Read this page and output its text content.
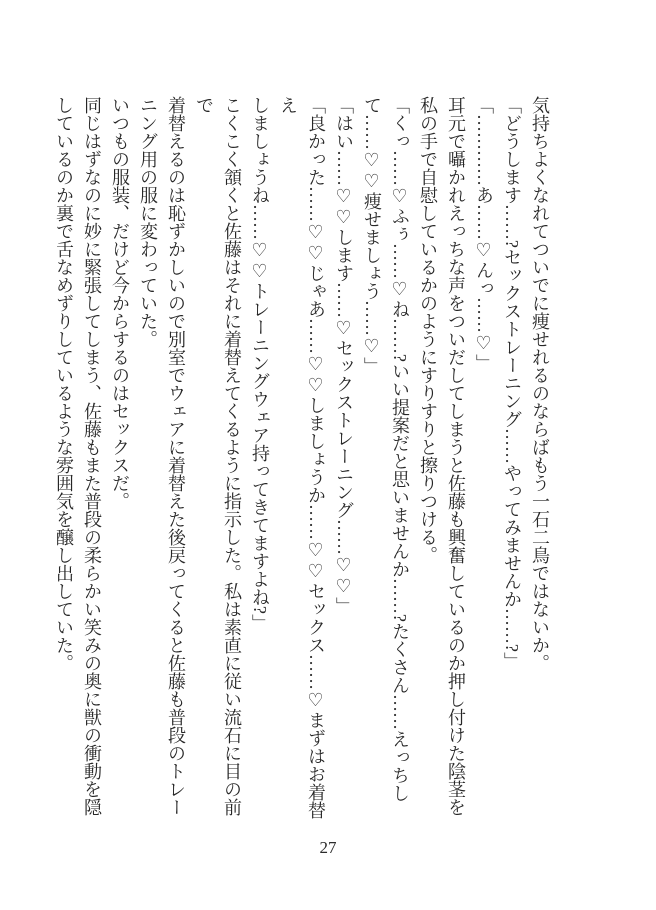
気持ちよくなれてついでに痩せれるのならばもう一石二鳥ではないか。
「どうします……?セックストレーニング……やってみませんか……?」
「…………あ……♡んっ……♡」
耳元で囁かれえっちな声をついだしてしまうと佐藤も興奮しているのか押し付けた陰茎を
私の手で自慰しているかのようにすりすりと擦りつける。
「くっ……♡ふぅ……♡ね……?いい提案だと思いませんか……?たくさん……えっちし
て……♡♡痩せましょう……♡」
「はい……♡♡します……♡セックストレーニング……♡♡」
「良かった……♡♡じゃあ……♡♡しましょうか……♡♡セックス……♡まずはお着替え
しましょうね……♡♡トレーニングウェア持ってきてますよね?」
こくこく頷くと佐藤はそれに着替えてくるように指示した。私は素直に従い流石に目の前で
着替えるのは恥ずかしいので別室でウェアに着替えた後戻ってくると佐藤も普段のトレー
ニング用の服に変わっていた。
いつもの服装、だけど今からするのはセックスだ。
同じはずなのに妙に緊張してしまう、佐藤もまた普段の柔らかい笑みの奥に獣の衝動を隠
しているのか裏で舌なめずりしているような雰囲気を醸し出していた。
27
